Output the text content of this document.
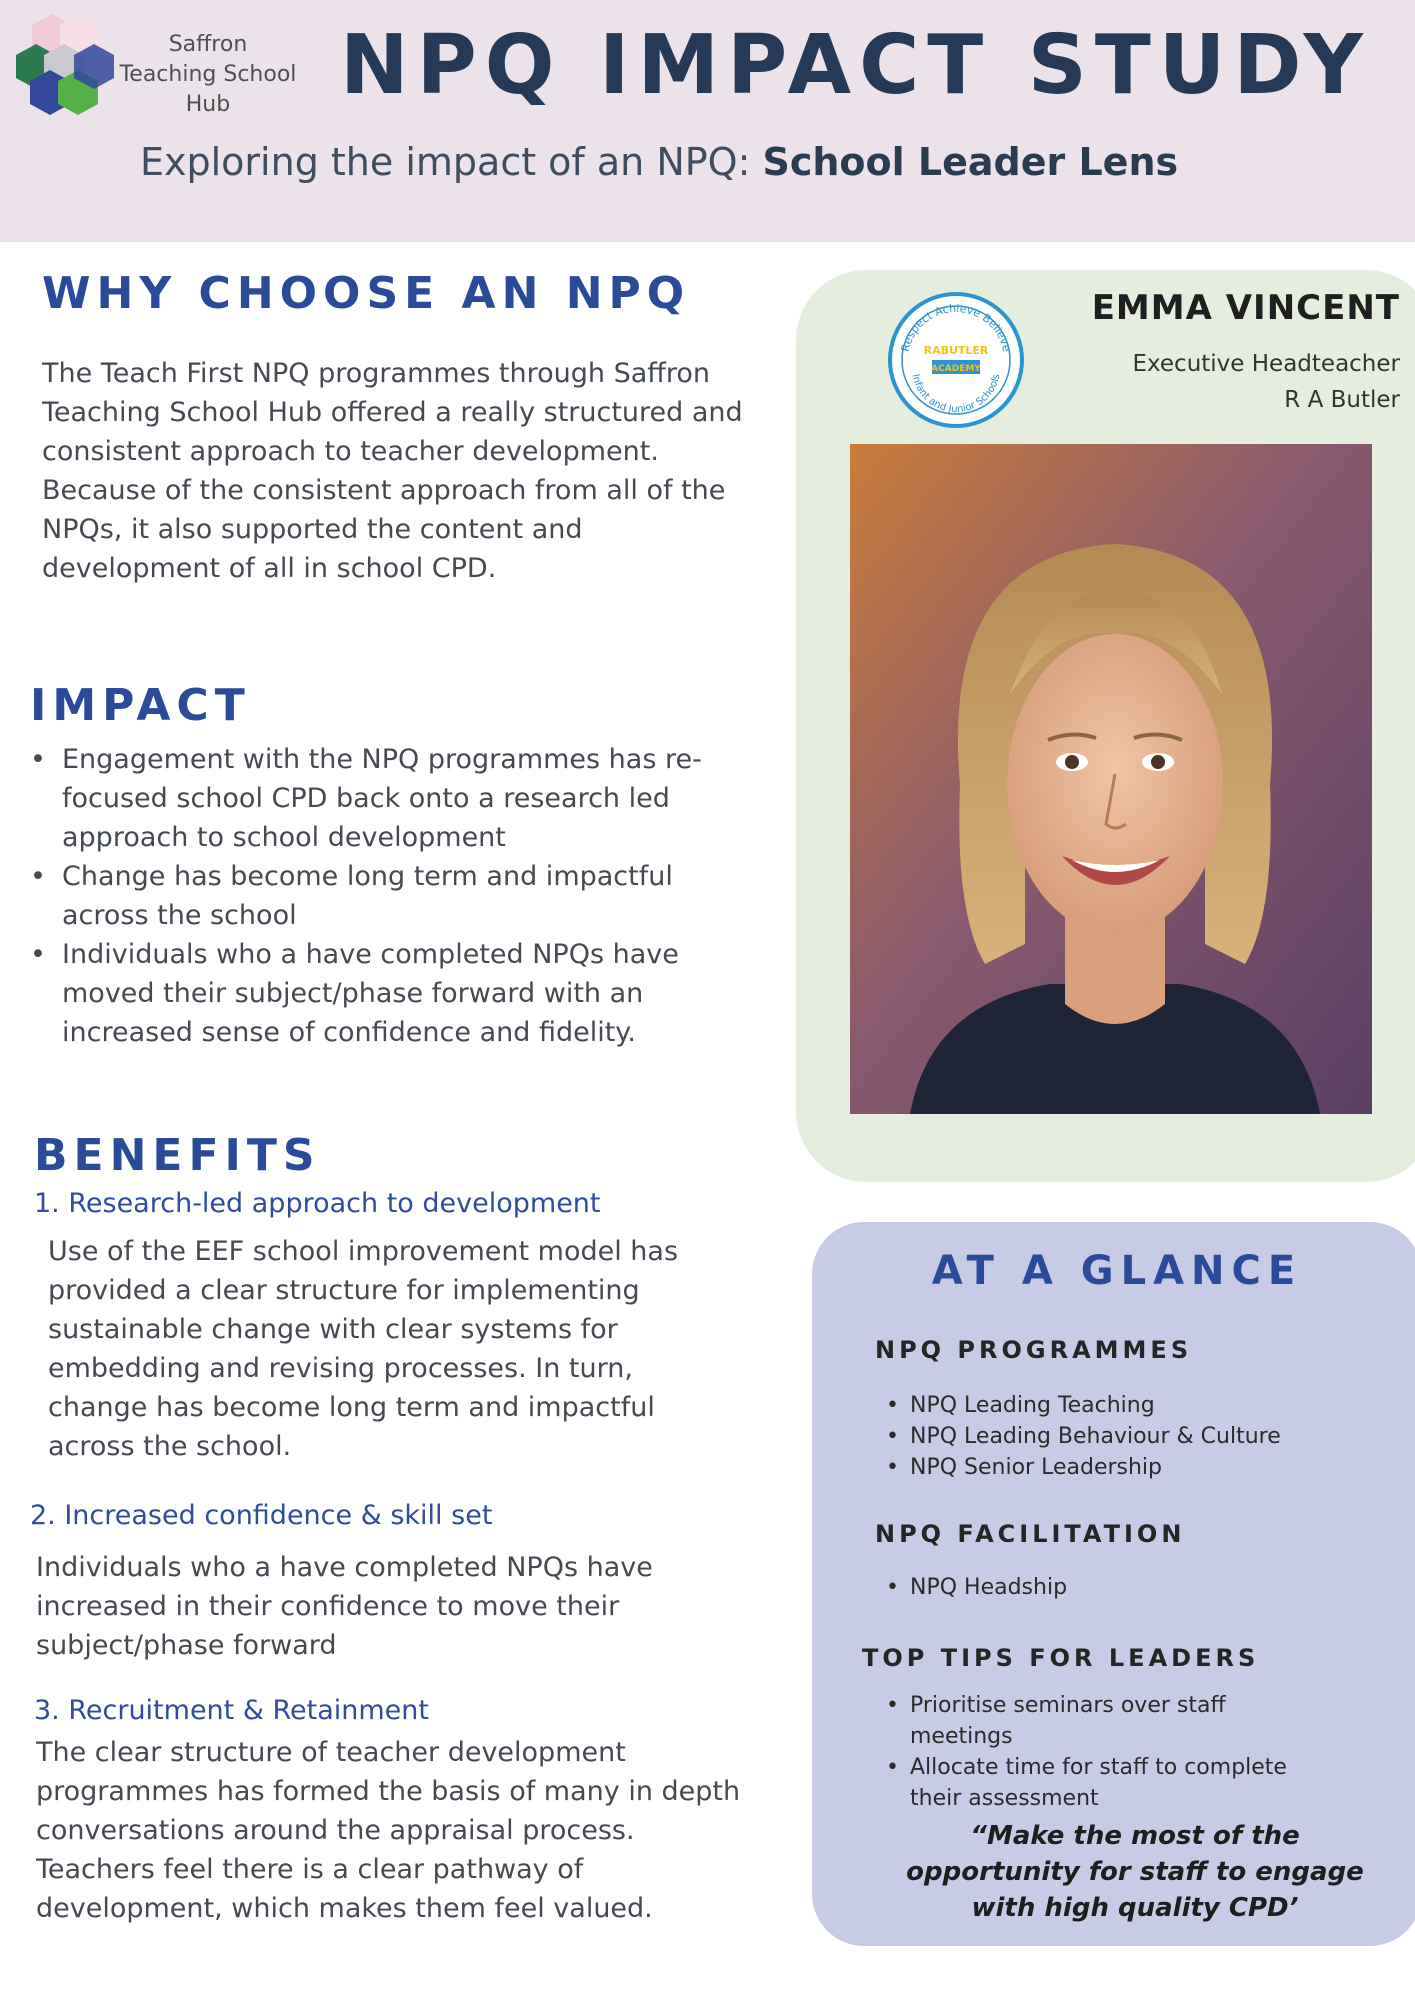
Saffron Teaching School Hub	NPQ IMPACT STUDY
Exploring the impact of an NPQ: School Leader Lens
WHY CHOOSE AN NPQ

The Teach First NPQ programmes through Saffron Teaching School Hub offered a really structured and consistent approach to teacher development.

Because of the consistent approach from all of the NPQs, it also supported the content and development of all in school CPD.

IMPACT
• Engagement with the NPQ programmes has re-focused school CPD back onto a research led approach to school development
• Change has become long term and impactful across the school
• Individuals who a have completed NPQs have moved their subject/phase forward with an increased sense of confidence and fidelity.
BENEFITS
1. Research-led approach to development
Use of the EEF school improvement model has provided a clear structure for implementing sustainable change with clear systems for embedding and revising processes. In turn, change has become long term and impactful across the school.
2. Increased confidence & skill set
Individuals who a have completed NPQs have increased in their confidence to move their subject/phase forward
3. Recruitment & Retainment
The clear structure of teacher development programmes has formed the basis of many in depth conversations around the appraisal process. Teachers feel there is a clear pathway of development, which makes them feel valued.
Respect Achieve Believe
Infant and Junior Schools
RABUTLER
ACADEMY
EMMA VINCENT
Executive Headteacher
R A Butler
AT A GLANCE
NPQ PROGRAMMES
• NPQ Leading Teaching
• NPQ Leading Behaviour & Culture
• NPQ Senior Leadership
NPQ FACILITATION
• NPQ Headship
TOP TIPS FOR LEADERS
• Prioritise seminars over staff meetings
• Allocate time for staff to complete their assessment
“Make the most of the opportunity for staff to engage with high quality CPD’
